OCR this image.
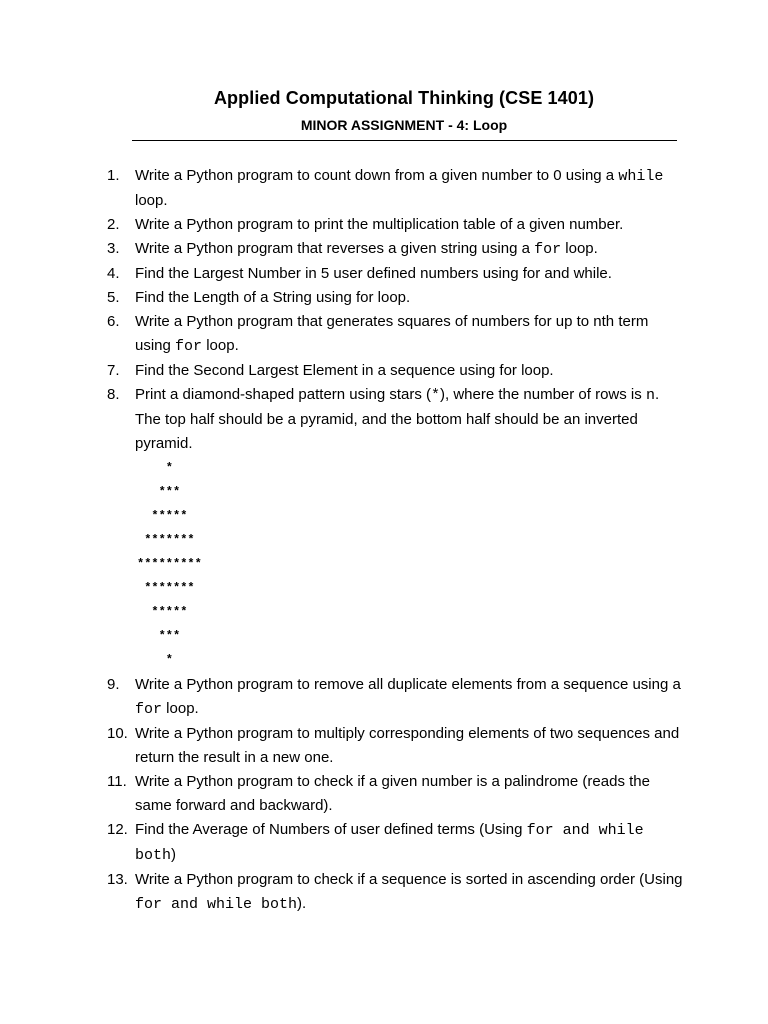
Applied Computational Thinking (CSE 1401)
MINOR ASSIGNMENT - 4: Loop
1.	Write a Python program to count down from a given number to 0 using a while loop.
2.	Write a Python program to print the multiplication table of a given number.
3.	Write a Python program that reverses a given string using a for loop.
4.	Find the Largest Number in 5 user defined numbers using for and while.
5.	Find the Length of a String using for loop.
6.	Write a Python program that generates squares of numbers for up to nth term using for loop.
7.	Find the Second Largest Element in a sequence using for loop.
8.	Print a diamond-shaped pattern using stars (*), where the number of rows is n. The top half should be a pyramid, and the bottom half should be an inverted pyramid.
*
***
*****
*******
*********
*******
*****
***
*
9.	Write a Python program to remove all duplicate elements from a sequence using a for loop.
10. Write a Python program to multiply corresponding elements of two sequences and return the result in a new one.
11. Write a Python program to check if a given number is a palindrome (reads the same forward and backward).
12. Find the Average of Numbers of user defined terms (Using for and while both)
13. Write a Python program to check if a sequence is sorted in ascending order (Using for and while both).
